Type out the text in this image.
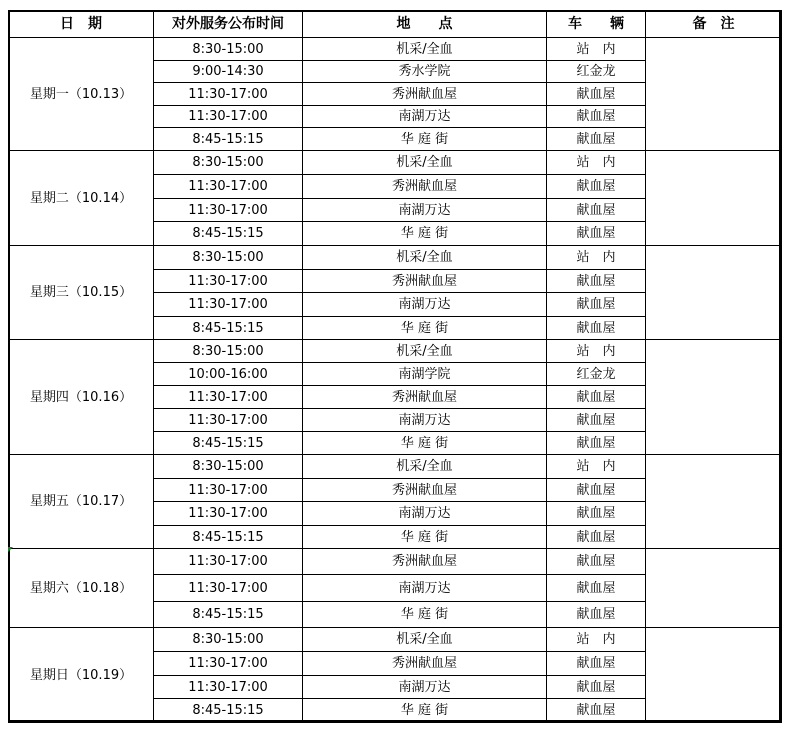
日　期	对外服务公布时间	地　　点	车　　辆	备　注
星期一（10.13）
8:30-15:00	机采/全血	站　内
9:00-14:30	秀水学院	红金龙
11:30-17:00	秀洲献血屋	献血屋
11:30-17:00	南湖万达	献血屋
8:45-15:15	华 庭 街	献血屋
星期二（10.14）
8:30-15:00	机采/全血	站　内
11:30-17:00	秀洲献血屋	献血屋
11:30-17:00	南湖万达	献血屋
8:45-15:15	华 庭 街	献血屋
星期三（10.15）
8:30-15:00	机采/全血	站　内
11:30-17:00	秀洲献血屋	献血屋
11:30-17:00	南湖万达	献血屋
8:45-15:15	华 庭 街	献血屋
星期四（10.16）
8:30-15:00	机采/全血	站　内
10:00-16:00	南湖学院	红金龙
11:30-17:00	秀洲献血屋	献血屋
11:30-17:00	南湖万达	献血屋
8:45-15:15	华 庭 街	献血屋
星期五（10.17）
8:30-15:00	机采/全血	站　内
11:30-17:00	秀洲献血屋	献血屋
11:30-17:00	南湖万达	献血屋
8:45-15:15	华 庭 街	献血屋
星期六（10.18）
11:30-17:00	秀洲献血屋	献血屋
11:30-17:00	南湖万达	献血屋
8:45-15:15	华 庭 街	献血屋
星期日（10.19）
8:30-15:00	机采/全血	站　内
11:30-17:00	秀洲献血屋	献血屋
11:30-17:00	南湖万达	献血屋
8:45-15:15	华 庭 街	献血屋
